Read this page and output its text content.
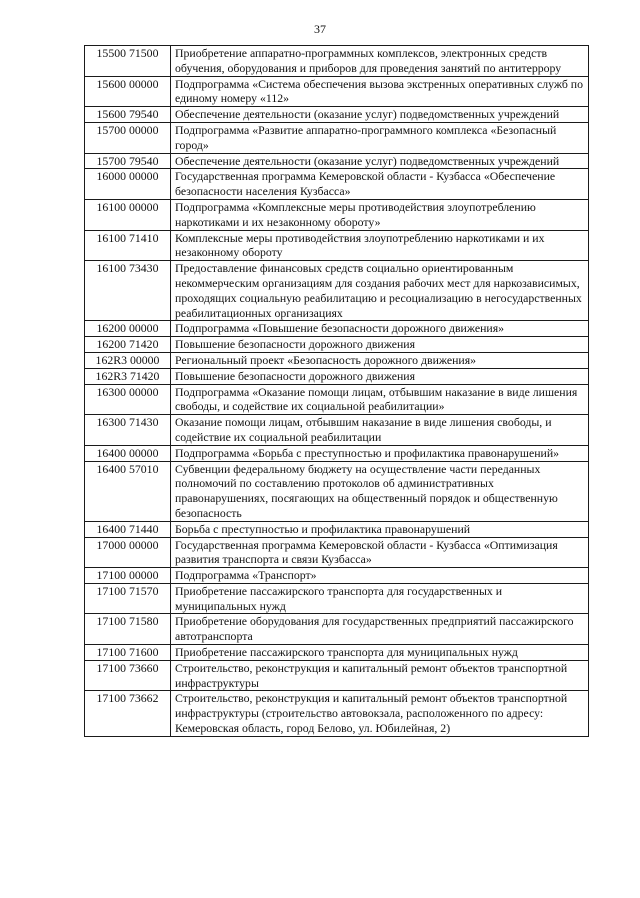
37
15500 71500	Приобретение аппаратно-программных комплексов, электронных средств обучения, оборудования и приборов для проведения занятий по антитеррору
15600 00000	Подпрограмма «Система обеспечения вызова экстренных оперативных служб по единому номеру «112»
15600 79540	Обеспечение деятельности (оказание услуг) подведомственных учреждений
15700 00000	Подпрограмма «Развитие аппаратно-программного комплекса «Безопасный город»
15700 79540	Обеспечение деятельности (оказание услуг) подведомственных учреждений
16000 00000	Государственная программа Кемеровской области - Кузбасса «Обеспечение безопасности населения Кузбасса»
16100 00000	Подпрограмма «Комплексные меры противодействия злоупотреблению наркотиками и их незаконному обороту»
16100 71410	Комплексные меры противодействия злоупотреблению наркотиками и их незаконному обороту
16100 73430	Предоставление финансовых средств социально ориентированным некоммерческим организациям для создания рабочих мест для наркозависимых, проходящих социальную реабилитацию и ресоциализацию в негосударственных реабилитационных организациях
16200 00000	Подпрограмма «Повышение безопасности дорожного движения»
16200 71420	Повышение безопасности дорожного движения
162R3 00000	Региональный проект «Безопасность дорожного движения»
162R3 71420	Повышение безопасности дорожного движения
16300 00000	Подпрограмма «Оказание помощи лицам, отбывшим наказание в виде лишения свободы, и содействие их социальной реабилитации»
16300 71430	Оказание помощи лицам, отбывшим наказание в виде лишения свободы, и содействие их социальной реабилитации
16400 00000	Подпрограмма «Борьба с преступностью и профилактика правонарушений»
16400 57010	Субвенции федеральному бюджету на осуществление части переданных полномочий по составлению протоколов об административных правонарушениях, посягающих на общественный порядок и общественную безопасность
16400 71440	Борьба с преступностью и профилактика правонарушений
17000 00000	Государственная программа Кемеровской области - Кузбасса «Оптимизация развития транспорта и связи Кузбасса»
17100 00000	Подпрограмма «Транспорт»
17100 71570	Приобретение пассажирского транспорта для государственных и муниципальных нужд
17100 71580	Приобретение оборудования для государственных предприятий пассажирского автотранспорта
17100 71600	Приобретение пассажирского транспорта для муниципальных нужд
17100 73660	Строительство, реконструкция и капитальный ремонт объектов транспортной инфраструктуры
17100 73662	Строительство, реконструкция и капитальный ремонт объектов транспортной инфраструктуры (строительство автовокзала, расположенного по адресу: Кемеровская область, город Белово, ул. Юбилейная, 2)
